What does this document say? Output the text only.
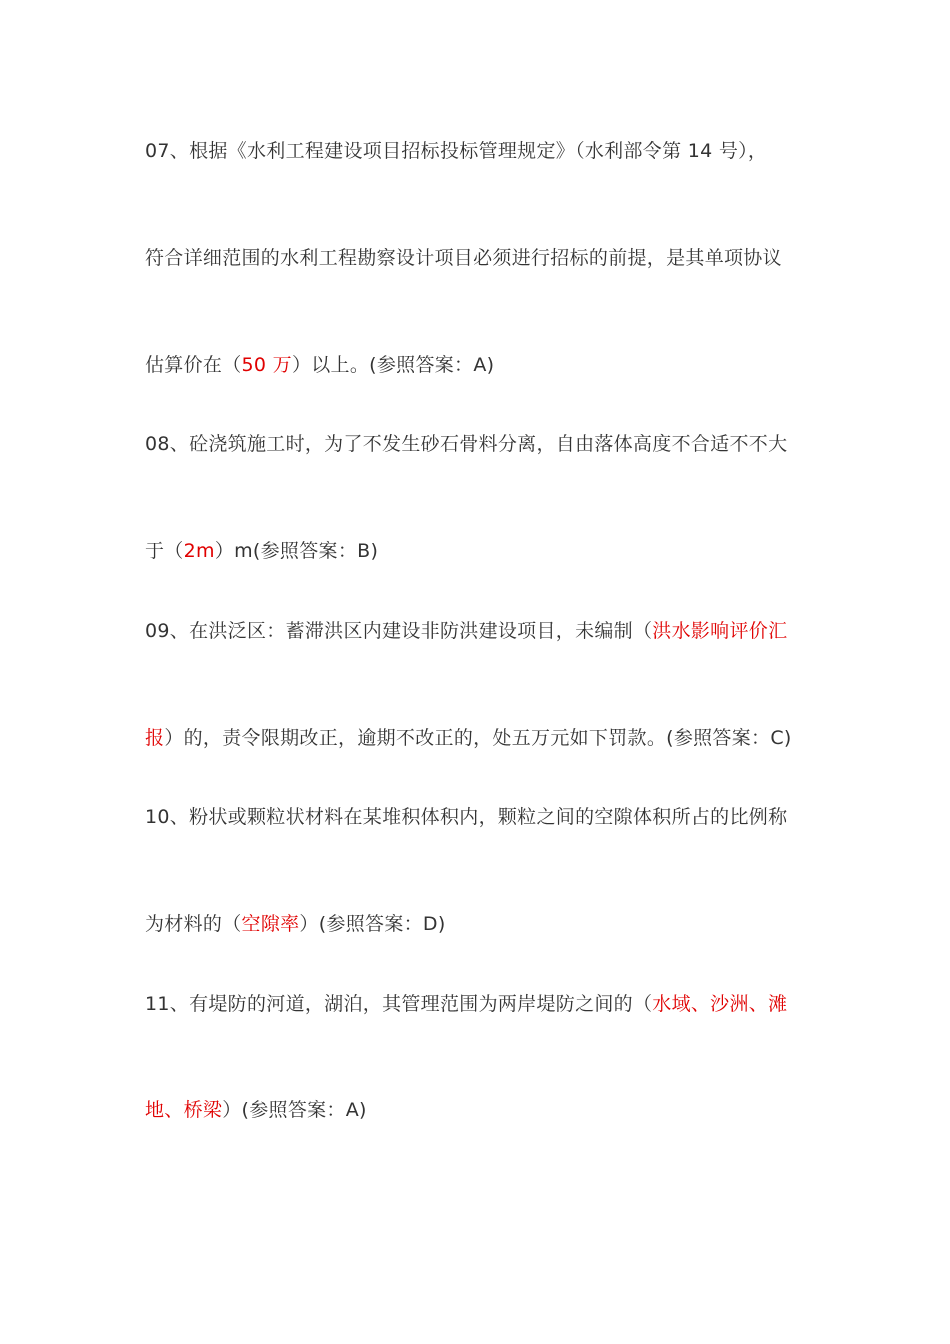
07、根据《水利工程建设项目招标投标管理规定》（水利部令第 14 号），
符合详细范围的水利工程勘察设计项目必须进行招标的前提，是其单项协议
估算价在（50 万）以上。(参照答案：A)
08、砼浇筑施工时，为了不发生砂石骨料分离，自由落体高度不合适不不大
于（2m）m(参照答案：B)
09、在洪泛区：蓄滞洪区内建设非防洪建设项目，未编制（洪水影响评价汇
报）的，责令限期改正，逾期不改正的，处五万元如下罚款。(参照答案：C)
10、粉状或颗粒状材料在某堆积体积内，颗粒之间的空隙体积所占的比例称
为材料的（空隙率）(参照答案：D)
11、有堤防的河道，湖泊，其管理范围为两岸堤防之间的（水域、沙洲、滩
地、桥梁）(参照答案：A)
